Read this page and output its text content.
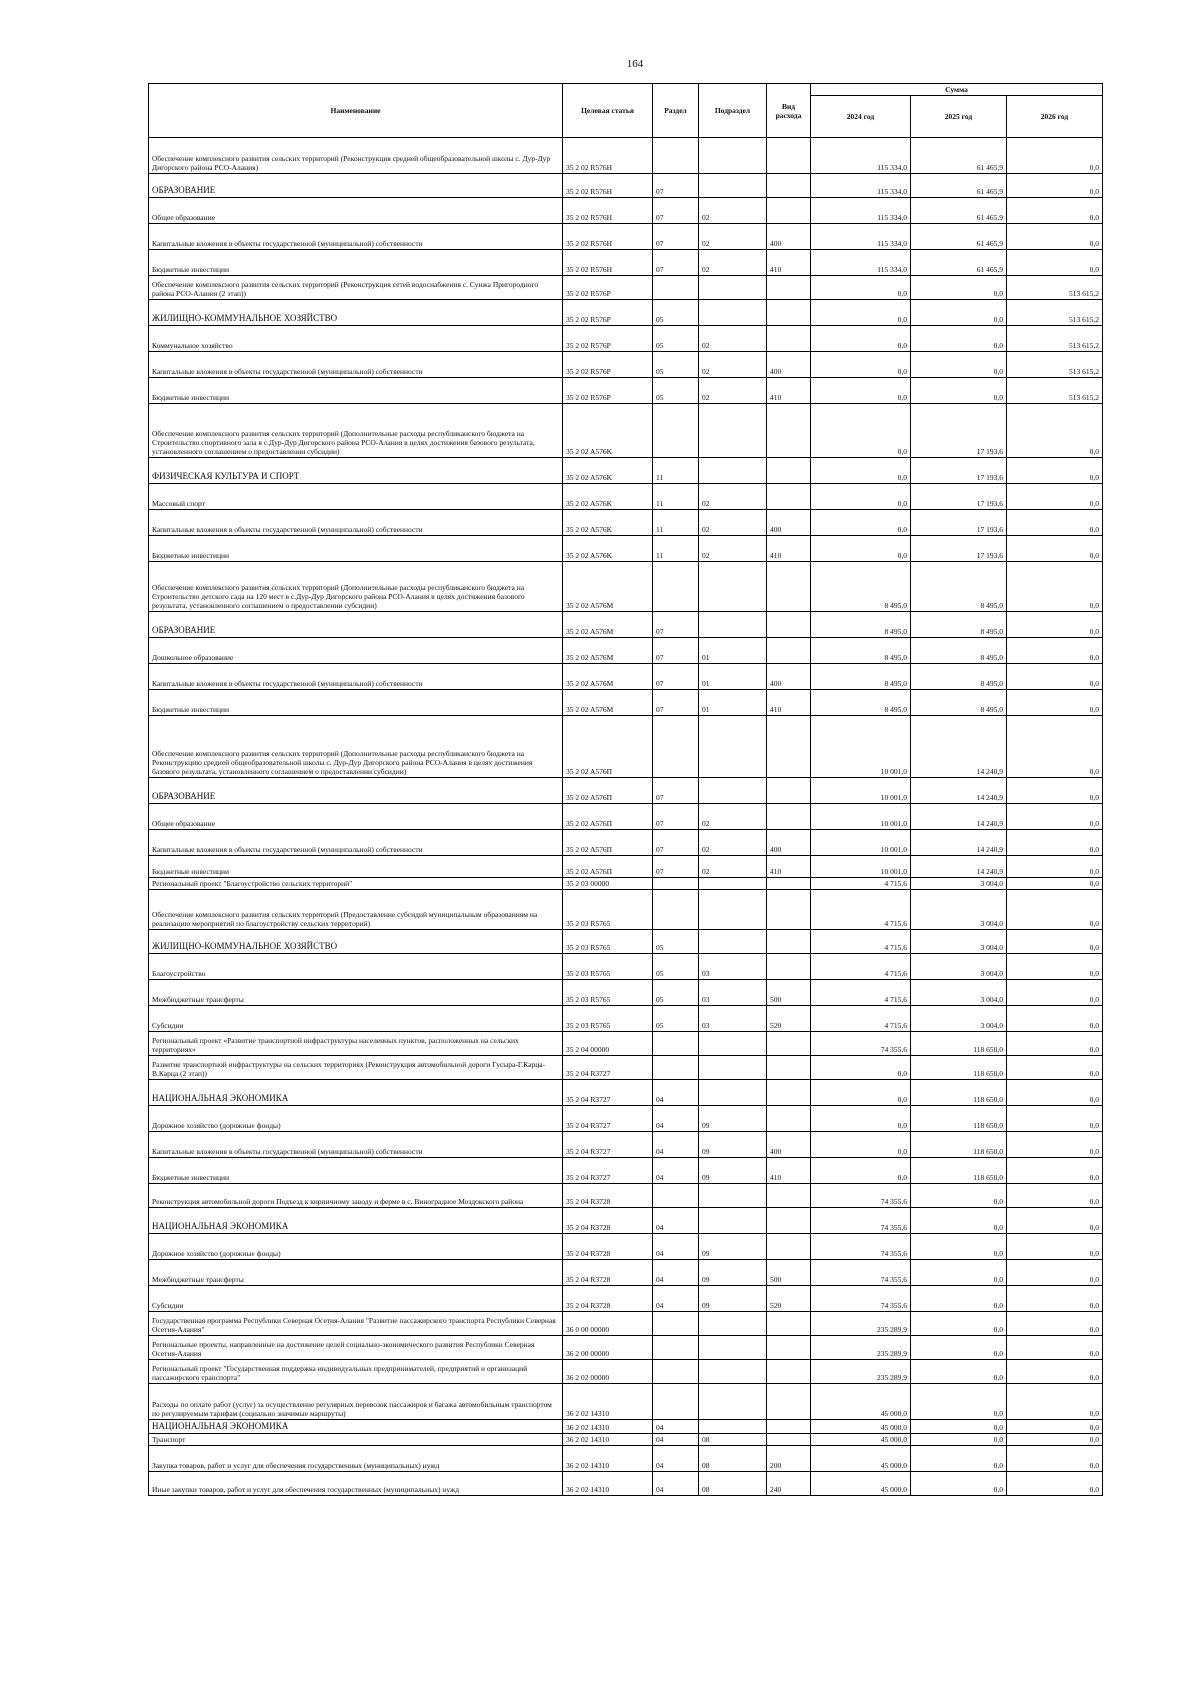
164
Наименование	Целевая статья	Раздел	Подраздел	Вид расхода	Сумма		
					2024 год	2025 год	2026 год
Обеспечение комплексного развития сельских территорий (Реконструкция средней общеобразовательной школы с. Дур-Дур Дигорского района РСО-Алания)	35 2 02 R576H				115 334,0	61 465,9	0,0
ОБРАЗОВАНИЕ	35 2 02 R576H	07			115 334,0	61 465,9	0,0
Общее образование	35 2 02 R576H	07	02		115 334,0	61 465,9	0,0
Капитальные вложения в объекты государственной (муниципальной) собственности	35 2 02 R576H	07	02	400	115 334,0	61 465,9	0,0
Бюджетные инвестиции	35 2 02 R576H	07	02	410	115 334,0	61 465,9	0,0
Обеспечение комплексного развития сельских территорий (Реконструкция сетей водоснабжения с. Сунжа Пригородного района РСО-Алания (2 этап))	35 2 02 R576P				0,0	0,0	513 615,2
ЖИЛИЩНО-КОММУНАЛЬНОЕ ХОЗЯЙСТВО	35 2 02 R576P	05			0,0	0,0	513 615,2
Коммунальное хозяйство	35 2 02 R576P	05	02		0,0	0,0	513 615,2
Капитальные вложения в объекты государственной (муниципальной) собственности	35 2 02 R576P	05	02	400	0,0	0,0	513 615,2
Бюджетные инвестиции	35 2 02 R576P	05	02	410	0,0	0,0	513 615,2
Обеспечение комплексного развития сельских территорий (Дополнительные расходы республиканского бюджета на Строительство спортивного зала в с.Дур-Дур Дигорского района РСО-Алания в целях достижения базового результата, установленного соглашением о предоставлении субсидии)	35 2 02 A576K				0,0	17 193,6	0,0
ФИЗИЧЕСКАЯ КУЛЬТУРА И СПОРТ	35 2 02 A576K	11			0,0	17 193,6	0,0
Массовый спорт	35 2 02 A576K	11	02		0,0	17 193,6	0,0
Капитальные вложения в объекты государственной (муниципальной) собственности	35 2 02 A576K	11	02	400	0,0	17 193,6	0,0
Бюджетные инвестиции	35 2 02 A576K	11	02	410	0,0	17 193,6	0,0
Обеспечение комплексного развития сельских территорий (Дополнительные расходы республиканского бюджета на Строительство детского сада на 120 мест в с.Дур-Дур Дигорского района РСО-Алания в целях достижения базового результата, установленного соглашением о предоставлении субсидии)	35 2 02 A576M				8 495,0	8 495,0	0,0
ОБРАЗОВАНИЕ	35 2 02 A576M	07			8 495,0	8 495,0	0,0
Дошкольное образование	35 2 02 A576M	07	01		8 495,0	8 495,0	0,0
Капитальные вложения в объекты государственной (муниципальной) собственности	35 2 02 A576M	07	01	400	8 495,0	8 495,0	0,0
Бюджетные инвестиции	35 2 02 A576M	07	01	410	8 495,0	8 495,0	0,0
Обеспечение комплексного развития сельских территорий (Дополнительные расходы республиканского бюджета на Реконструкцию средней общеобразовательной школы с. Дур-Дур Дигорского района РСО-Алания в целях достижения базового результата, установленного соглашением о предоставлении субсидии)	35 2 02 A576П				10 001,0	14 240,9	0,0
ОБРАЗОВАНИЕ	35 2 02 A576П	07			10 001,0	14 240,9	0,0
Общее образование	35 2 02 A576П	07	02		10 001,0	14 240,9	0,0
Капитальные вложения в объекты государственной (муниципальной) собственности	35 2 02 A576П	07	02	400	10 001,0	14 240,9	0,0
Бюджетные инвестиции	35 2 02 A576П	07	02	410	10 001,0	14 240,9	0,0
Региональный проект "Благоустройство сельских территорий"	35 2 03 00000				4 715,6	3 004,0	0,0
Обеспечение комплексного развития сельских территорий (Предоставление субсидий муниципальным образованиям на реализацию мероприятий по благоустройству сельских территорий)	35 2 03 R5765				4 715,6	3 004,0	0,0
ЖИЛИЩНО-КОММУНАЛЬНОЕ ХОЗЯЙСТВО	35 2 03 R5765	05			4 715,6	3 004,0	0,0
Благоустройство	35 2 03 R5765	05	03		4 715,6	3 004,0	0,0
Межбюджетные трансферты	35 2 03 R5765	05	03	500	4 715,6	3 004,0	0,0
Субсидии	35 2 03 R5765	05	03	520	4 715,6	3 004,0	0,0
Региональный проект «Развитие транспортной инфраструктуры населенных пунктов, расположенных на сельских территориях»	35 2 04 00000				74 355,6	118 650,0	0,0
Развитие транспортной инфраструктуры на сельских территориях (Реконструкция автомобильной дороги Гусыра-Г.Карца-В.Карца (2 этап))	35 2 04 R3727				0,0	118 650,0	0,0
НАЦИОНАЛЬНАЯ ЭКОНОМИКА	35 2 04 R3727	04			0,0	118 650,0	0,0
Дорожное хозяйство (дорожные фонды)	35 2 04 R3727	04	09		0,0	118 650,0	0,0
Капитальные вложения в объекты государственной (муниципальной) собственности	35 2 04 R3727	04	09	400	0,0	118 650,0	0,0
Бюджетные инвестиции	35 2 04 R3727	04	09	410	0,0	118 650,0	0,0
Реконструкция автомобильной дороги Подъезд к кирпичному заводу и ферме в с. Виноградное Моздокского района	35 2 04 R3728				74 355,6	0,0	0,0
НАЦИОНАЛЬНАЯ ЭКОНОМИКА	35 2 04 R3728	04			74 355,6	0,0	0,0
Дорожное хозяйство (дорожные фонды)	35 2 04 R3728	04	09		74 355,6	0,0	0,0
Межбюджетные трансферты	35 2 04 R3728	04	09	500	74 355,6	0,0	0,0
Субсидии	35 2 04 R3728	04	09	520	74 355,6	0,0	0,0
Государственная программа Республики Северная Осетия-Алания "Развитие пассажирского транспорта Республики Северная Осетия-Алания"	36 0 00 00000				235 289,9	0,0	0,0
Региональные проекты, направленные на достижение целей социально-экономического развития Республики Северная Осетия-Алания	36 2 00 00000				235 289,9	0,0	0,0
Региональный проект "Государственная поддержка индивидуальных предпринимателей, предприятий и организаций пассажирского транспорта"	36 2 02 00000				235 289,9	0,0	0,0
Расходы по оплате работ (услуг) за осуществление регулярных перевозок пассажиров и багажа автомобильным транспортом по регулируемым тарифам (социально значимые маршруты)	36 2 02 14310				45 000,0	0,0	0,0
НАЦИОНАЛЬНАЯ ЭКОНОМИКА	36 2 02 14310	04			45 000,0	0,0	0,0
Транспорт	36 2 02 14310	04	08		45 000,0	0,0	0,0
Закупка товаров, работ и услуг для обеспечения государственных (муниципальных) нужд	36 2 02 14310	04	08	200	45 000,0	0,0	0,0
Иные закупки товаров, работ и услуг для обеспечения государственных (муниципальных) нужд	36 2 02 14310	04	08	240	45 000,0	0,0	0,0
